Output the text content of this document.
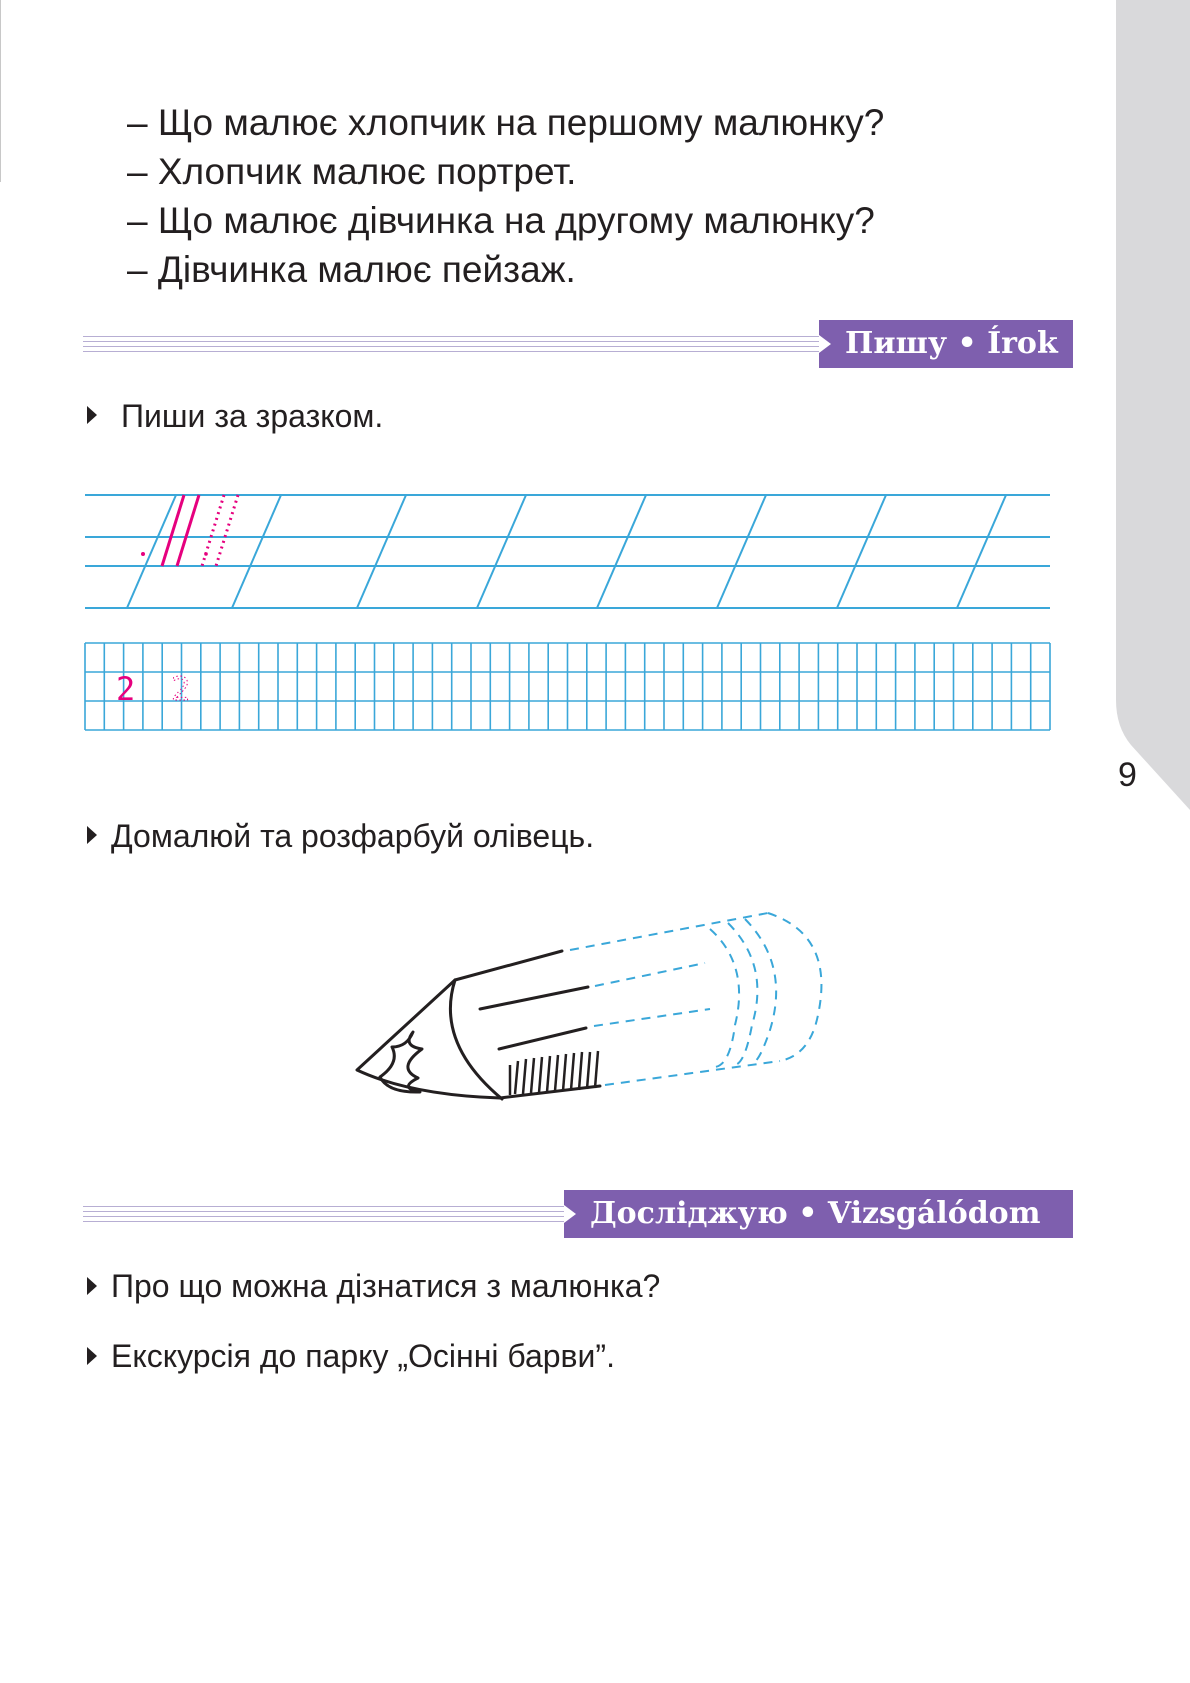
– Що малює хлопчик на першому малюнку?
– Хлопчик малює портрет.
– Що малює дівчинка на другому малюнку?
– Дівчинка малює пейзаж.
Пишу • Írok
Пиши за зразком.
2 2
9
Домалюй та розфарбуй олівець.
Досліджую • Vizsgálódom
Про що можна дізнатися з малюнка?
Екскурсія до парку „Осінні барви”.
